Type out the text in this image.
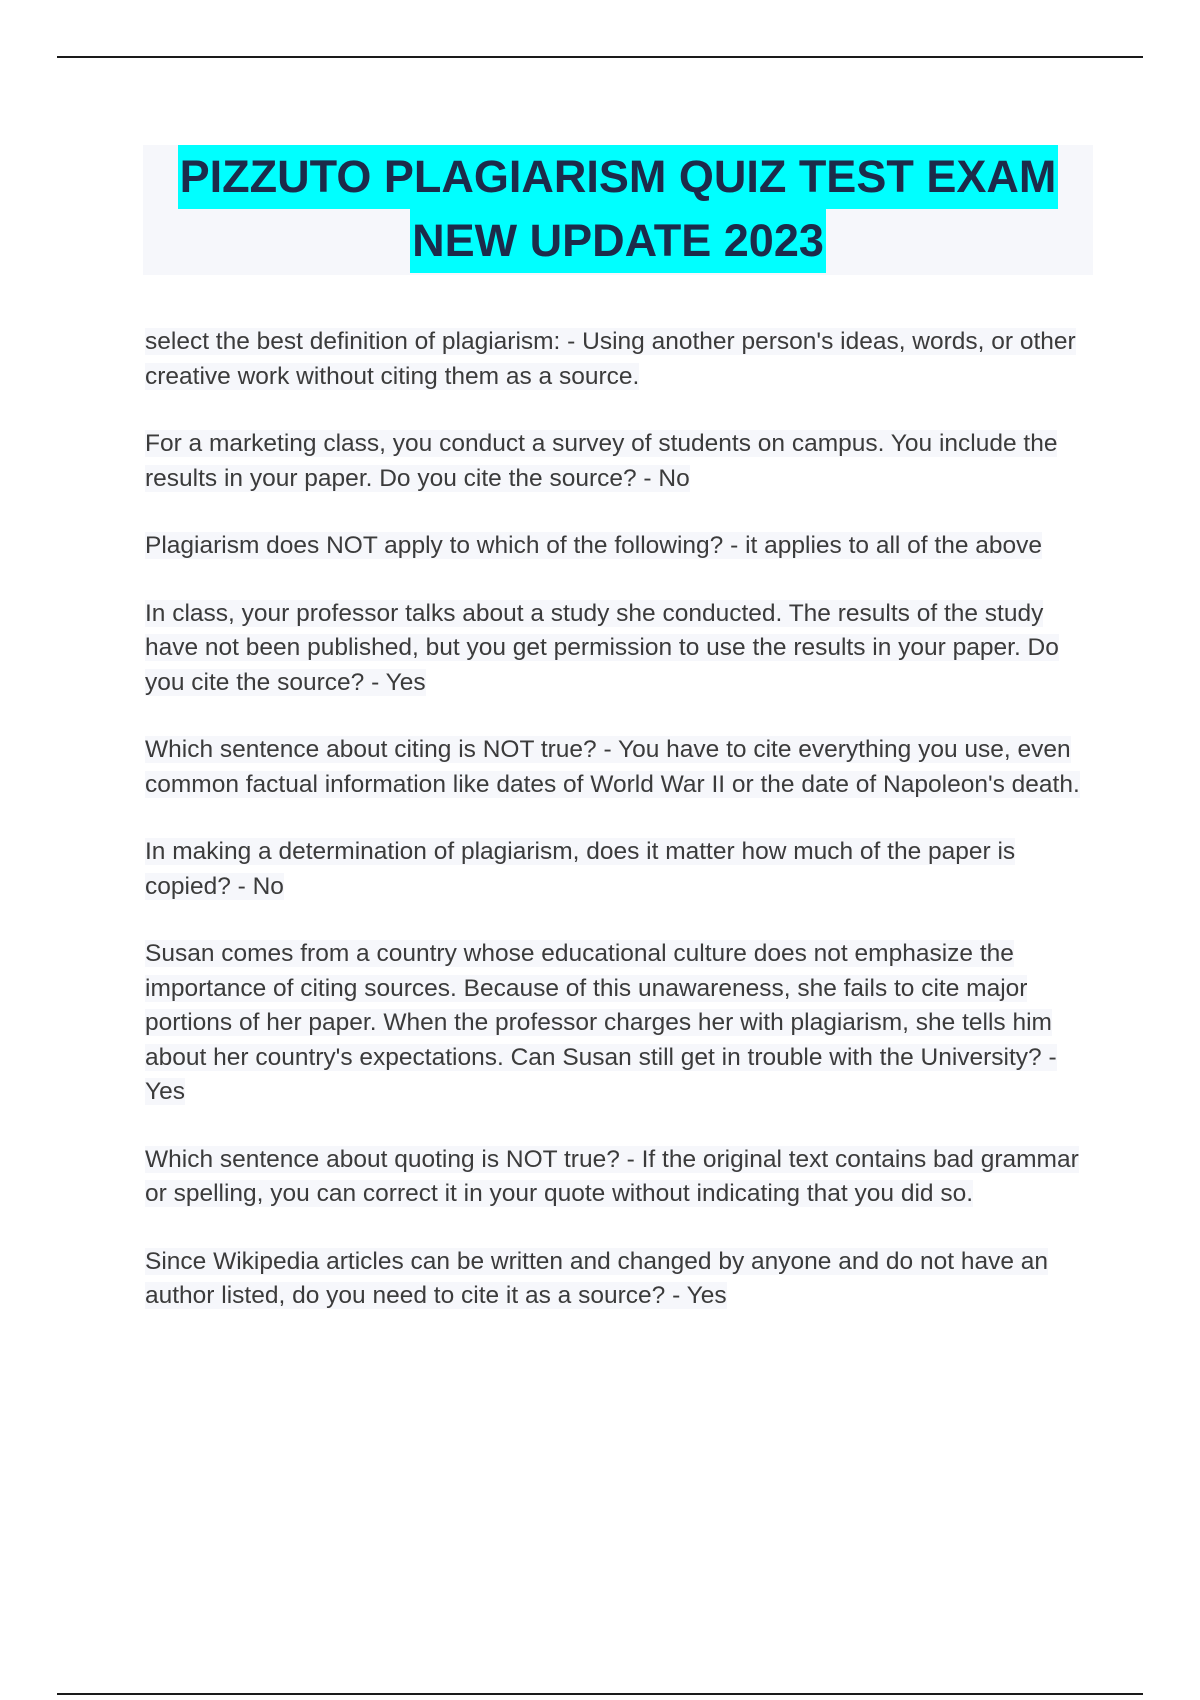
PIZZUTO PLAGIARISM QUIZ TEST EXAM
NEW UPDATE 2023

select the best definition of plagiarism: - Using another person's ideas, words, or other creative work without citing them as a source.

For a marketing class, you conduct a survey of students on campus. You include the results in your paper. Do you cite the source? - No

Plagiarism does NOT apply to which of the following? - it applies to all of the above

In class, your professor talks about a study she conducted. The results of the study have not been published, but you get permission to use the results in your paper. Do you cite the source? - Yes

Which sentence about citing is NOT true? - You have to cite everything you use, even common factual information like dates of World War II or the date of Napoleon's death.

In making a determination of plagiarism, does it matter how much of the paper is copied? - No

Susan comes from a country whose educational culture does not emphasize the importance of citing sources. Because of this unawareness, she fails to cite major portions of her paper. When the professor charges her with plagiarism, she tells him about her country's expectations. Can Susan still get in trouble with the University? - Yes

Which sentence about quoting is NOT true? - If the original text contains bad grammar or spelling, you can correct it in your quote without indicating that you did so.

Since Wikipedia articles can be written and changed by anyone and do not have an author listed, do you need to cite it as a source? - Yes
